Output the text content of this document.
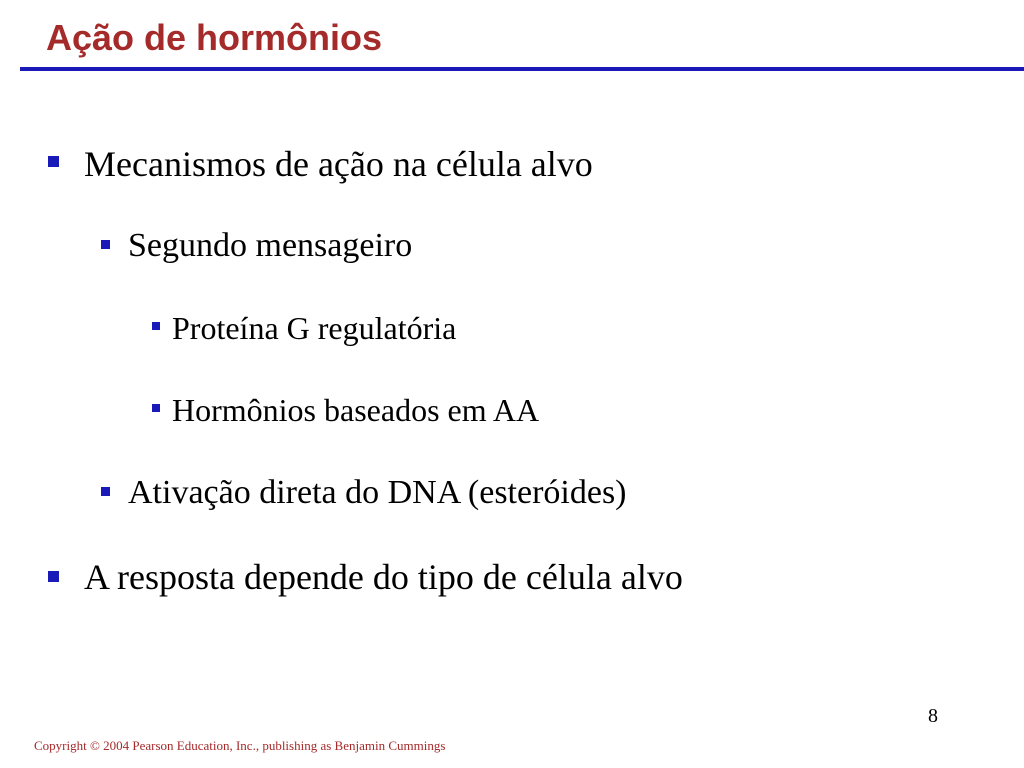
Ação de hormônios
Mecanismos de ação na célula alvo
Segundo mensageiro
Proteína G regulatória
Hormônios baseados em AA
Ativação direta do DNA (esteróides)
A resposta depende do tipo de célula alvo
8
Copyright © 2004 Pearson Education, Inc., publishing as Benjamin Cummings
